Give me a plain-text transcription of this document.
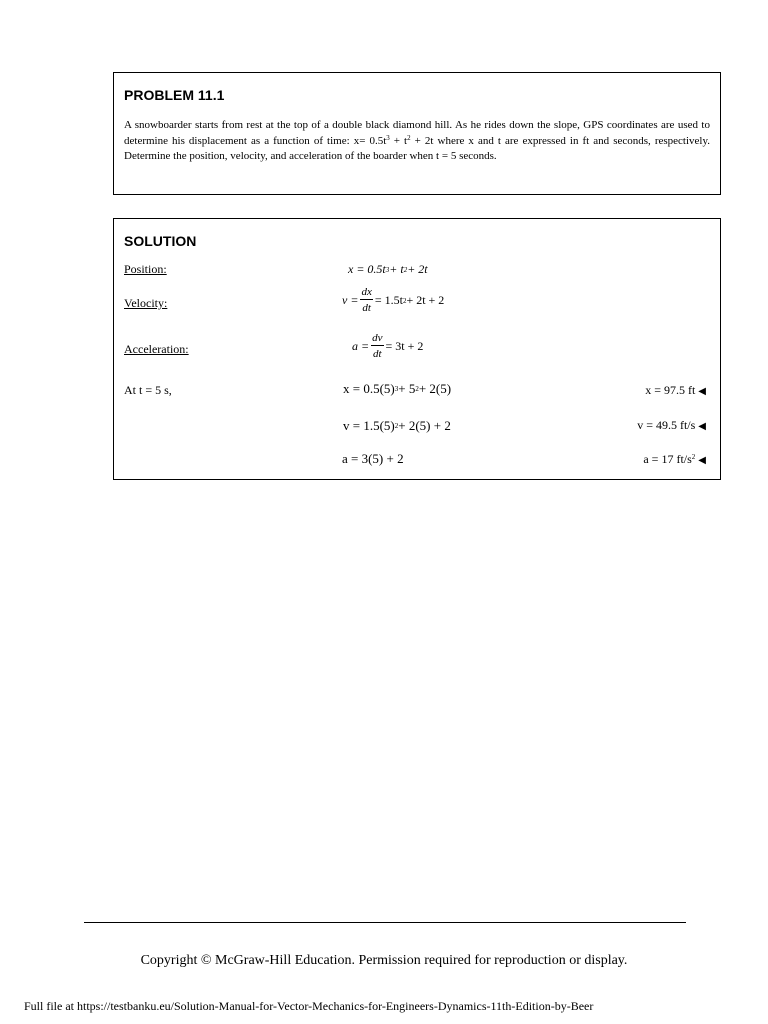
PROBLEM 11.1
A snowboarder starts from rest at the top of a double black diamond hill. As he rides down the slope, GPS coordinates are used to determine his displacement as a function of time: $x= 0.5t^3 + t^2 + 2t$ where x and t are expressed in ft and seconds, respectively. Determine the position, velocity, and acceleration of the boarder when t = 5 seconds.
SOLUTION
Position:	x = 0.5t 3 + t 2 + 2t
Velocity:	$v = \frac{dx}{dt} = 1.5t$ 2 + 2t + 2
Acceleration:	$a = \frac{dv}{dt} = 3t + 2$
At t = 5 s,	x = 0.5(5) 3 + 5 2 + 2(5)	x = 97.5 ft ◀
v = 1.5(5) 2 + 2(5) + 2	v = 49.5 ft/s ◀
a = 3(5) + 2	a = 17 $ft/s^2$ ◀
Copyright © McGraw-Hill Education. Permission required for reproduction or display.
Full file at https://testbanku.eu/Solution-Manual-for-Vector-Mechanics-for-Engineers-Dynamics-11th-Edition-by-Beer
